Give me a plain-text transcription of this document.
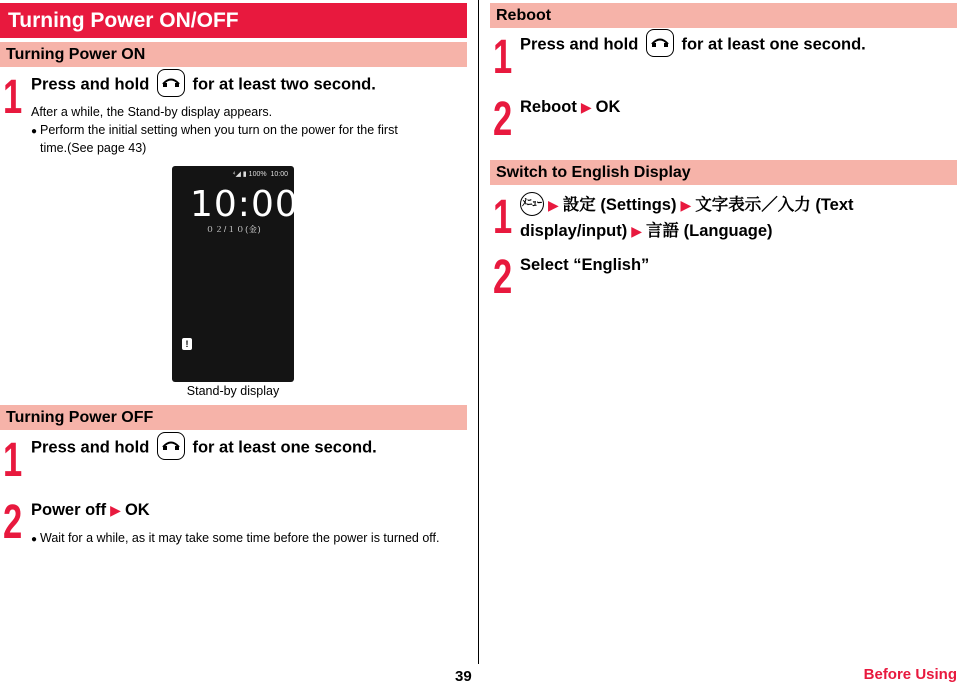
Turning Power ON/OFF
Turning Power ON
1 Press and hold	for at least two second.
After a while, the Stand-by display appears.
● Perform the initial setting when you turn on the power for the first
time.(See page 43)
⁴◢ ▮ 100% 10:00
10:00
０２/１０(金)
!
Stand-by display
Turning Power OFF
1 Press and hold	for at least one second.
2 Power off ▶ OK
● Wait for a while, as it may take some time before the power is turned off.
Reboot
1 Press and hold	for at least one second.
2 Reboot ▶ OK
Switch to English Display
1 ﾒﾆｭｰ ▶ 設定 (Settings) ▶ 文字表示／入力 (Text
display/input) ▶ 言語 (Language)
2 Select “English”
39	Before Using
